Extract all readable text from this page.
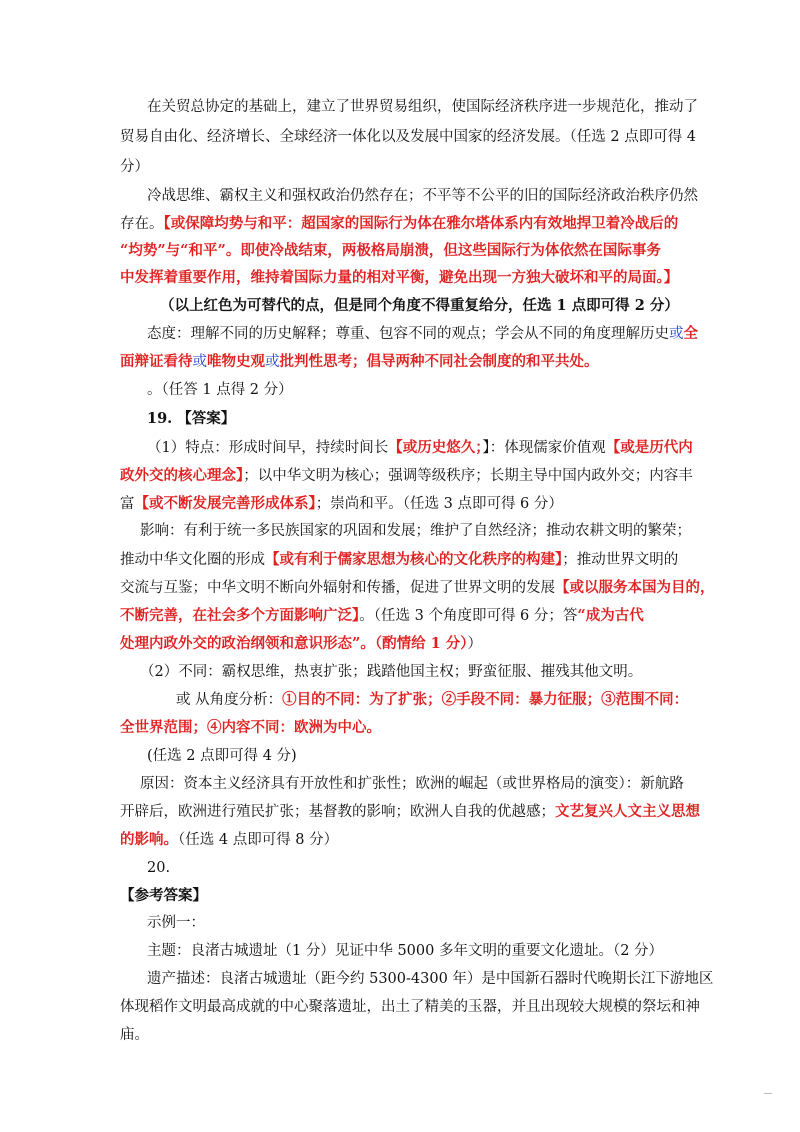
在关贸总协定的基础上，建立了世界贸易组织，使国际经济秩序进一步规范化，推动了
贸易自由化、经济增长、全球经济一体化以及发展中国家的经济发展。（任选 2 点即可得 4
分）
冷战思维、霸权主义和强权政治仍然存在；不平等不公平的旧的国际经济政治秩序仍然
存在。【或保障均势与和平：超国家的国际行为体在雅尔塔体系内有效地捍卫着冷战后的
“均势”与“和平”。即使冷战结束，两极格局崩溃，但这些国际行为体依然在国际事务
中发挥着重要作用，维持着国际力量的相对平衡，避免出现一方独大破坏和平的局面。】
（以上红色为可替代的点，但是同个角度不得重复给分，任选 1 点即可得 2 分）
态度：理解不同的历史解释；尊重、包容不同的观点；学会从不同的角度理解历史或全
面辩证看待或唯物史观或批判性思考；倡导两种不同社会制度的和平共处。
。（任答 1 点得 2 分）
19. 【答案】
（1）特点：形成时间早，持续时间长【或历史悠久；】：体现儒家价值观【或是历代内
政外交的核心理念】；以中华文明为核心；强调等级秩序；长期主导中国内政外交；内容丰
富【或不断发展完善形成体系】；崇尚和平。（任选 3 点即可得 6 分）
影响：有利于统一多民族国家的巩固和发展；维护了自然经济；推动农耕文明的繁荣；
推动中华文化圈的形成【或有利于儒家思想为核心的文化秩序的构建】；推动世界文明的
交流与互鉴；中华文明不断向外辐射和传播，促进了世界文明的发展【或以服务本国为目的，
不断完善，在社会多个方面影响广泛】。（任选 3 个角度即可得 6 分；答“成为古代
处理内政外交的政治纲领和意识形态”。（酌情给 1 分））
（2）不同：霸权思维，热衷扩张；践踏他国主权；野蛮征服、摧残其他文明。
或 从角度分析：①目的不同：为了扩张；②手段不同：暴力征服；③范围不同：
全世界范围；④内容不同：欧洲为中心。
(任选 2 点即可得 4 分)
原因：资本主义经济具有开放性和扩张性；欧洲的崛起（或世界格局的演变）：新航路
开辟后，欧洲进行殖民扩张；基督教的影响；欧洲人自我的优越感；文艺复兴人文主义思想
的影响。（任选 4 点即可得 8 分）
20.
【参考答案】
示例一：
主题：良渚古城遗址（1 分）见证中华 5000 多年文明的重要文化遗址。（2 分）
遗产描述：良渚古城遗址（距今约 5300-4300 年）是中国新石器时代晚期长江下游地区
体现稻作文明最高成就的中心聚落遗址，出土了精美的玉器，并且出现较大规模的祭坛和神
庙。
